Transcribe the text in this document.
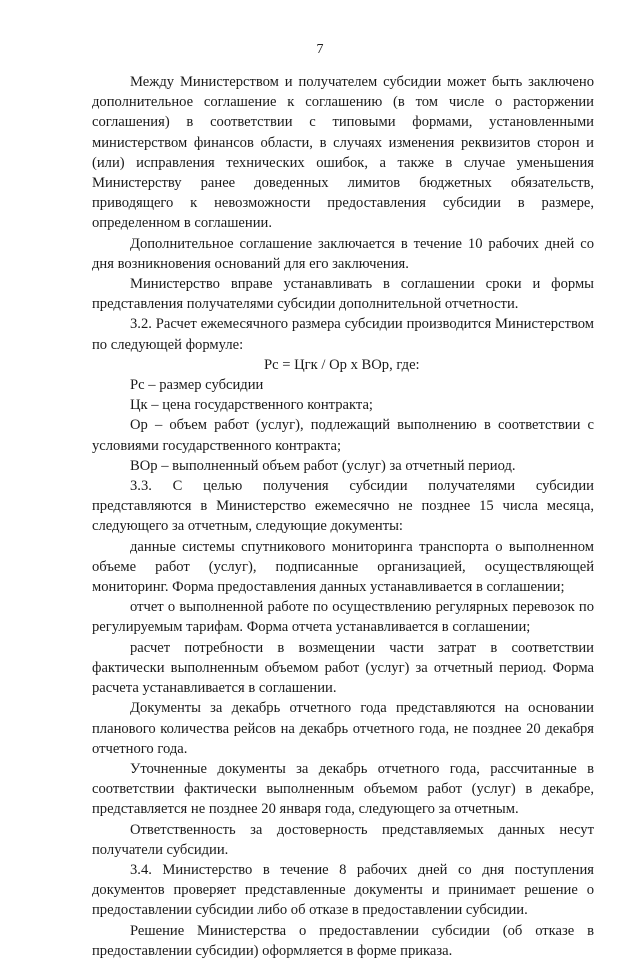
7

Между Министерством и получателем субсидии может быть заключено дополнительное соглашение к соглашению (в том числе о расторжении соглашения) в соответствии с типовыми формами, установленными министерством финансов области, в случаях изменения реквизитов сторон и (или) исправления технических ошибок, а также в случае уменьшения Министерству ранее доведенных лимитов бюджетных обязательств, приводящего к невозможности предоставления субсидии в размере, определенном в соглашении.

Дополнительное соглашение заключается в течение 10 рабочих дней со дня возникновения оснований для его заключения.

Министерство вправе устанавливать в соглашении сроки и формы представления получателями субсидии дополнительной отчетности.

3.2. Расчет ежемесячного размера субсидии производится Министерством по следующей формуле:

Рс = Цгк / Ор х ВОр, где:

Рс – размер субсидии

Цк – цена государственного контракта;

Ор – объем работ (услуг), подлежащий выполнению в соответствии с условиями государственного контракта;

ВОр – выполненный объем работ (услуг) за отчетный период.

3.3. С целью получения субсидии получателями субсидии представляются в Министерство ежемесячно не позднее 15 числа месяца, следующего за отчетным, следующие документы:

данные системы спутникового мониторинга транспорта о выполненном объеме работ (услуг), подписанные организацией, осуществляющей мониторинг. Форма предоставления данных устанавливается в соглашении;

отчет о выполненной работе по осуществлению регулярных перевозок по регулируемым тарифам. Форма отчета устанавливается в соглашении;

расчет потребности в возмещении части затрат в соответствии фактически выполненным объемом работ (услуг) за отчетный период. Форма расчета устанавливается в соглашении.

Документы за декабрь отчетного года представляются на основании планового количества рейсов на декабрь отчетного года, не позднее 20 декабря отчетного года.

Уточненные документы за декабрь отчетного года, рассчитанные в соответствии фактически выполненным объемом работ (услуг) в декабре, представляется не позднее 20 января года, следующего за отчетным.

Ответственность за достоверность представляемых данных несут получатели субсидии.

3.4. Министерство в течение 8 рабочих дней со дня поступления документов проверяет представленные документы и принимает решение о предоставлении субсидии либо об отказе в предоставлении субсидии.

Решение Министерства о предоставлении субсидии (об отказе в предоставлении субсидии) оформляется в форме приказа.
